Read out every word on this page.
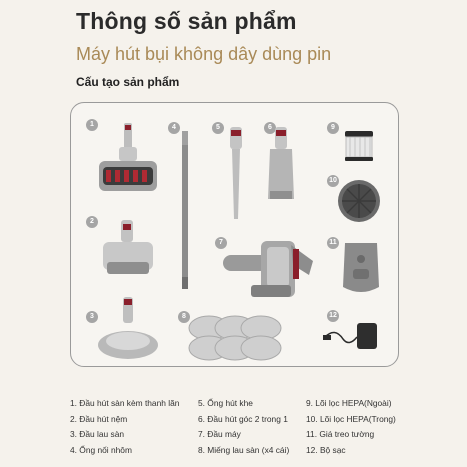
Thông số sản phẩm
Máy hút bụi không dây dùng pin
Cấu tạo sản phẩm
1
2
3
4	5	6
7
8
9
10
11
12
1. Đầu hút sàn kèm thanh lăn
2. Đầu hút nệm
3. Đầu lau sàn
4. Ống nối nhôm
5. Ống hút khe
6. Đầu hút góc 2 trong 1
7. Đầu máy
8. Miếng lau sàn (x4 cái)
9. Lõi lọc HEPA(Ngoài)
10. Lõi lọc HEPA(Trong)
11. Giá treo tường
12. Bộ sạc
